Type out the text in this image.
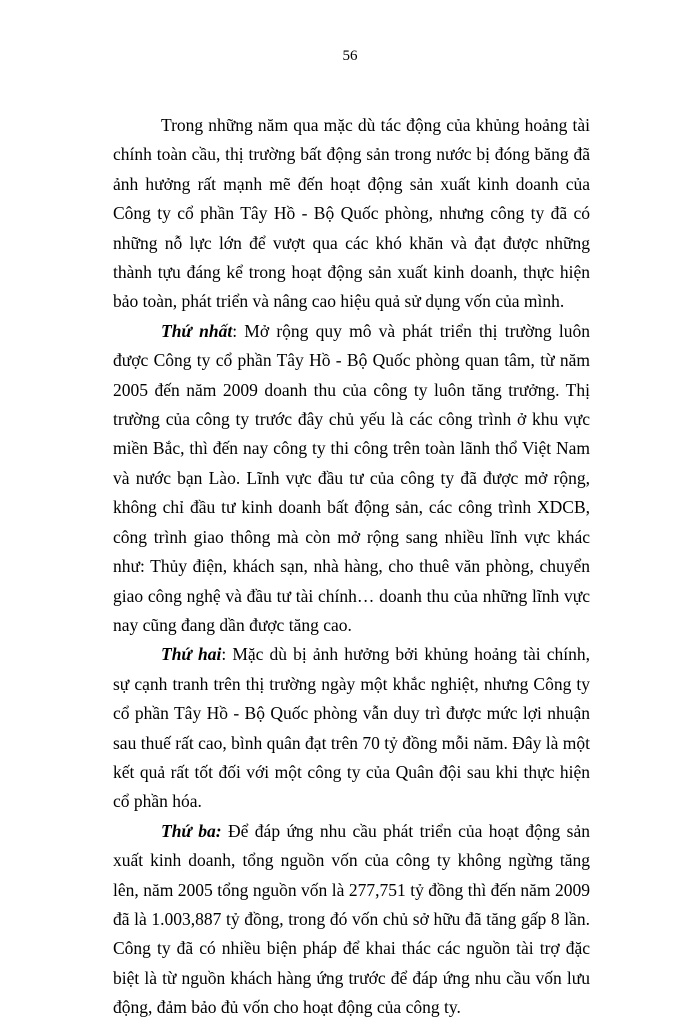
56

Trong những năm qua mặc dù tác động của khủng hoảng tài chính toàn cầu, thị trường bất động sản trong nước bị đóng băng đã ảnh hưởng rất mạnh mẽ đến hoạt động sản xuất kinh doanh của Công ty cổ phần Tây Hồ - Bộ Quốc phòng, nhưng công ty đã có những nỗ lực lớn để vượt qua các khó khăn và đạt được những thành tựu đáng kể trong hoạt động sản xuất kinh doanh, thực hiện bảo toàn, phát triển và nâng cao hiệu quả sử dụng vốn của mình.

Thứ nhất: Mở rộng quy mô và phát triển thị trường luôn được Công ty cổ phần Tây Hồ - Bộ Quốc phòng quan tâm, từ năm 2005 đến năm 2009 doanh thu của công ty luôn tăng trưởng. Thị trường của công ty trước đây chủ yếu là các công trình ở khu vực miền Bắc, thì đến nay công ty thi công trên toàn lãnh thổ Việt Nam và nước bạn Lào. Lĩnh vực đầu tư của công ty đã được mở rộng, không chỉ đầu tư kinh doanh bất động sản, các công trình XDCB, công trình giao thông mà còn mở rộng sang nhiều lĩnh vực khác như: Thủy điện, khách sạn, nhà hàng, cho thuê văn phòng, chuyển giao công nghệ và đầu tư tài chính… doanh thu của những lĩnh vực nay cũng đang dần được tăng cao.

Thứ hai: Mặc dù bị ảnh hưởng bởi khủng hoảng tài chính, sự cạnh tranh trên thị trường ngày một khắc nghiệt, nhưng Công ty cổ phần Tây Hồ - Bộ Quốc phòng vẫn duy trì được mức lợi nhuận sau thuế rất cao, bình quân đạt trên 70 tỷ đồng mỗi năm. Đây là một kết quả rất tốt đối với một công ty của Quân đội sau khi thực hiện cổ phần hóa.

Thứ ba: Để đáp ứng nhu cầu phát triển của hoạt động sản xuất kinh doanh, tổng nguồn vốn của công ty không ngừng tăng lên, năm 2005 tổng nguồn vốn là 277,751 tỷ đồng thì đến năm 2009 đã là 1.003,887 tỷ đồng, trong đó vốn chủ sở hữu đã tăng gấp 8 lần. Công ty đã có nhiều biện pháp để khai thác các nguồn tài trợ đặc biệt là từ nguồn khách hàng ứng trước để đáp ứng nhu cầu vốn lưu động, đảm bảo đủ vốn cho hoạt động của công ty.
